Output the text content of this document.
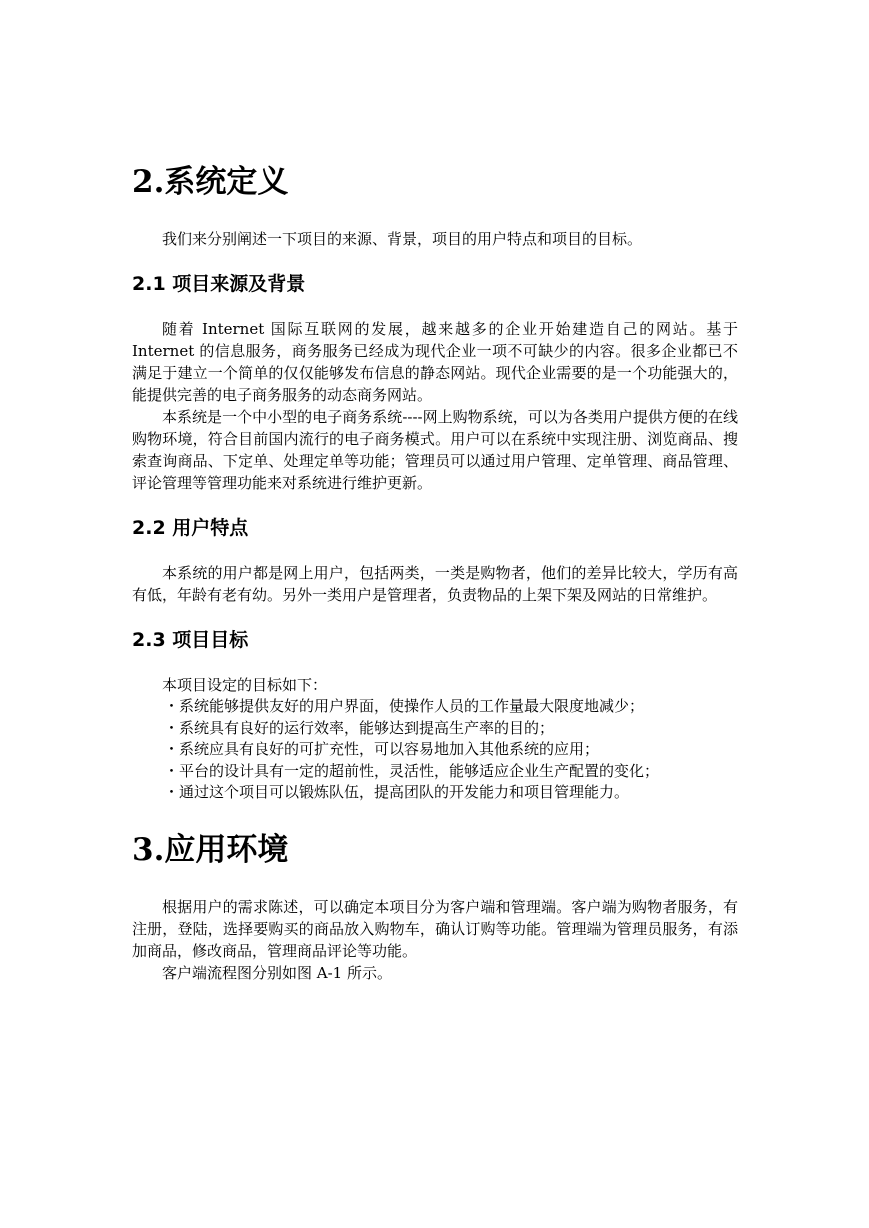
2.系统定义

我们来分别阐述一下项目的来源、背景，项目的用户特点和项目的目标。

2.1 项目来源及背景

随着 Internet 国际互联网的发展，越来越多的企业开始建造自己的网站。基于 Internet 的信息服务，商务服务已经成为现代企业一项不可缺少的内容。很多企业都已不满足于建立一个简单的仅仅能够发布信息的静态网站。现代企业需要的是一个功能强大的，能提供完善的电子商务服务的动态商务网站。

本系统是一个中小型的电子商务系统----网上购物系统，可以为各类用户提供方便的在线购物环境，符合目前国内流行的电子商务模式。用户可以在系统中实现注册、浏览商品、搜索查询商品、下定单、处理定单等功能；管理员可以通过用户管理、定单管理、商品管理、评论管理等管理功能来对系统进行维护更新。

2.2 用户特点

本系统的用户都是网上用户，包括两类，一类是购物者，他们的差异比较大，学历有高有低，年龄有老有幼。另外一类用户是管理者，负责物品的上架下架及网站的日常维护。

2.3 项目目标

本项目设定的目标如下：

・系统能够提供友好的用户界面，使操作人员的工作量最大限度地减少；
・系统具有良好的运行效率，能够达到提高生产率的目的；
・系统应具有良好的可扩充性，可以容易地加入其他系统的应用；
・平台的设计具有一定的超前性，灵活性，能够适应企业生产配置的变化；
・通过这个项目可以锻炼队伍，提高团队的开发能力和项目管理能力。
3.应用环境

根据用户的需求陈述，可以确定本项目分为客户端和管理端。客户端为购物者服务，有注册，登陆，选择要购买的商品放入购物车，确认订购等功能。管理端为管理员服务，有添加商品，修改商品，管理商品评论等功能。

客户端流程图分别如图 A-1 所示。
